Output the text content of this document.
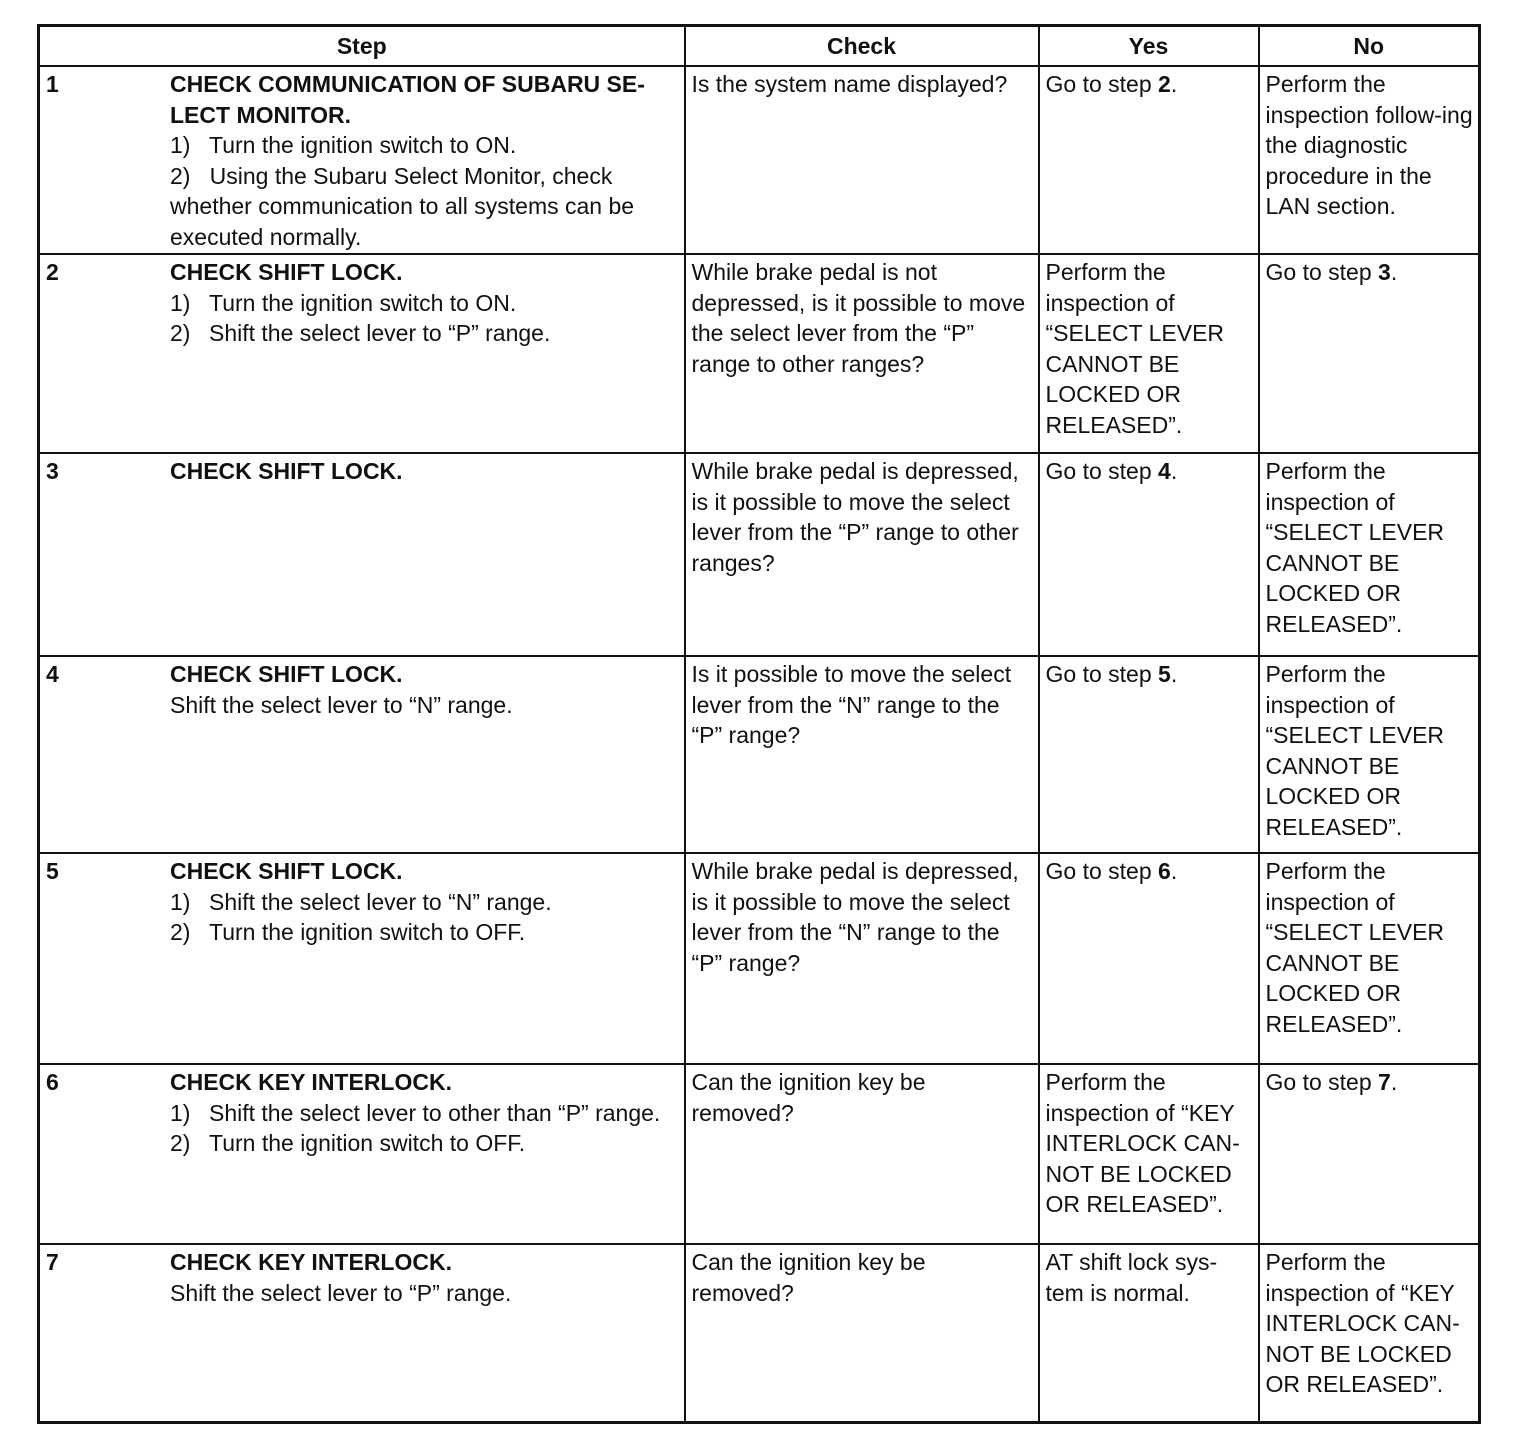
Step	Check	Yes	No

1 CHECK COMMUNICATION OF SUBARU SE-
LECT MONITOR.
1) Turn the ignition switch to ON.
2) Using the Subaru Select Monitor, check whether communication to all systems can be executed normally.	Is the system name displayed?	Go to step 2.	Perform the inspection follow-ing the diagnostic procedure in the LAN section.

2 CHECK SHIFT LOCK.
1) Turn the ignition switch to ON.
2) Shift the select lever to “P” range.	While brake pedal is not depressed, is it possible to move the select lever from the “P” range to other ranges?	Perform the inspection of “SELECT LEVER CANNOT BE LOCKED OR RELEASED”.	Go to step 3.

3 CHECK SHIFT LOCK.	While brake pedal is depressed, is it possible to move the select lever from the “P” range to other ranges?	Go to step 4.	Perform the inspection of “SELECT LEVER CANNOT BE LOCKED OR RELEASED”.

4 CHECK SHIFT LOCK.
Shift the select lever to “N” range.	Is it possible to move the select lever from the “N” range to the “P” range?	Go to step 5.	Perform the inspection of “SELECT LEVER CANNOT BE LOCKED OR RELEASED”.

5 CHECK SHIFT LOCK.
1) Shift the select lever to “N” range.
2) Turn the ignition switch to OFF.	While brake pedal is depressed, is it possible to move the select lever from the “N” range to the “P” range?	Go to step 6.	Perform the inspection of “SELECT LEVER CANNOT BE LOCKED OR RELEASED”.

6 CHECK KEY INTERLOCK.
1) Shift the select lever to other than “P” range.
2) Turn the ignition switch to OFF.	Can the ignition key be removed?	Perform the inspection of “KEY INTERLOCK CAN-NOT BE LOCKED OR RELEASED”.	Go to step 7.

7 CHECK KEY INTERLOCK.
Shift the select lever to “P” range.	Can the ignition key be removed?	AT shift lock sys-tem is normal.	Perform the inspection of “KEY INTERLOCK CAN-NOT BE LOCKED OR RELEASED”.
